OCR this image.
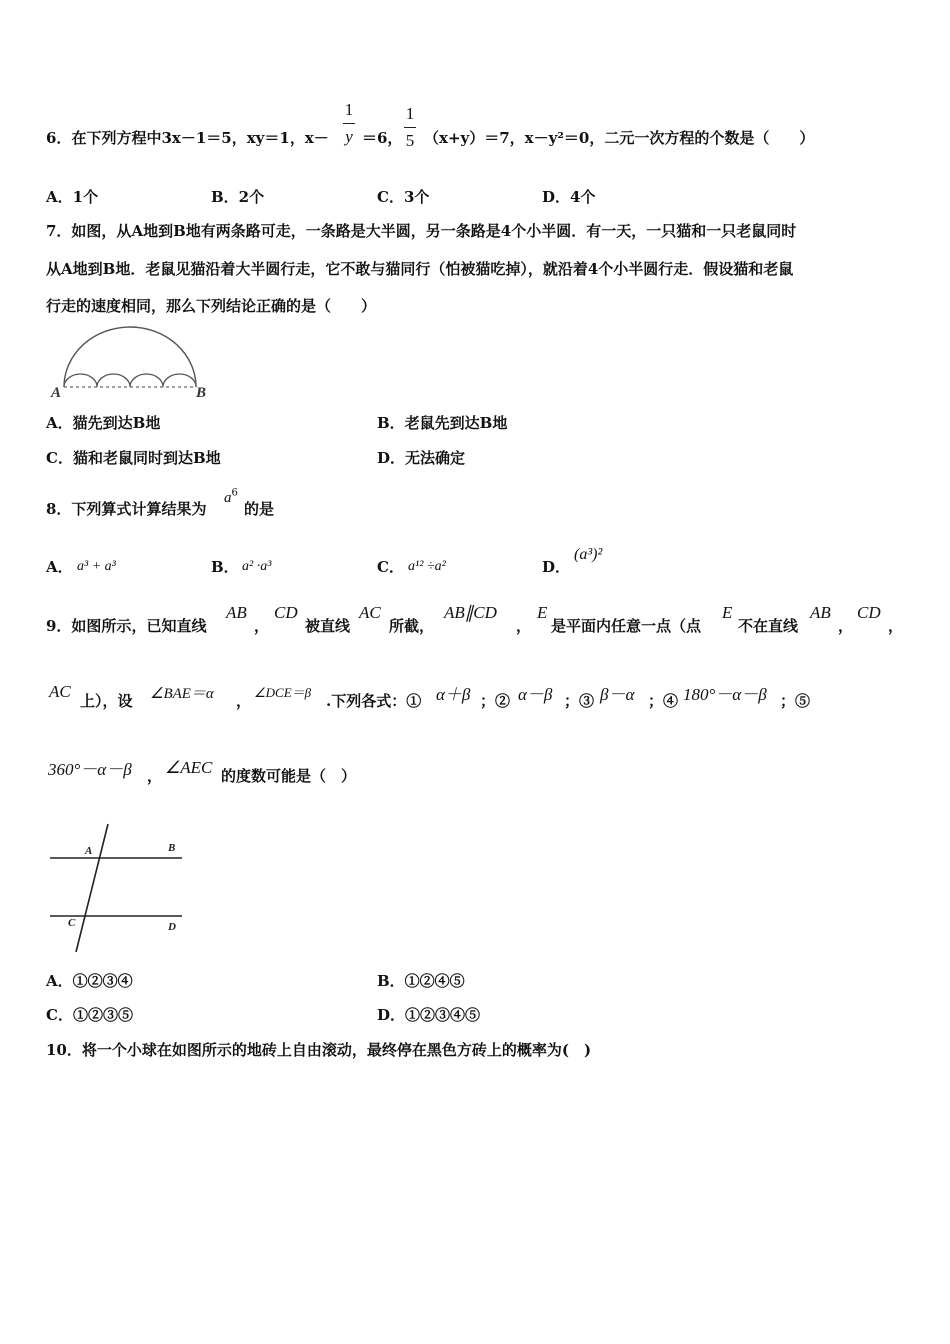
6．在下列方程中3x－1＝5，xy＝1，x－
1
y ＝6，
1
5 （x+y）＝7，x－y²＝0，二元一次方程的个数是（　　）
A．1个	B．2个	C．3个	D．4个
7．如图，从A地到B地有两条路可走，一条路是大半圆，另一条路是4个小半圆．有一天，一只猫和一只老鼠同时
从A地到B地．老鼠见猫沿着大半圆行走，它不敢与猫同行（怕被猫吃掉），就沿着4个小半圆行走．假设猫和老鼠
行走的速度相同，那么下列结论正确的是（　　）
A	B
A．猫先到达B地	B．老鼠先到达B地
C．猫和老鼠同时到达B地	D．无法确定
8．下列算式计算结果为
$a^6$
的是
A． a³ + a³	B． a² ·a³	C． a¹² ÷a²	D．
(a³)²
9．如图所示，已知直线
AB
，
CD
被直线
AC
所截，
AB∥CD
，
E
是平面内任意一点（点
E
不在直线
AB
，
CD
，
AC 上），设 ∠BAE＝α ， ∠DCE＝β .下列各式：① α＋β ；② α－β ；③ β－α ；④ 180°－α－β ；⑤
360°－α－β ， ∠AEC 的度数可能是（　）
A	B
C	D
A．①②③④	B．①②④⑤
C．①②③⑤	D．①②③④⑤
10．将一个小球在如图所示的地砖上自由滚动，最终停在黑色方砖上的概率为(　)
